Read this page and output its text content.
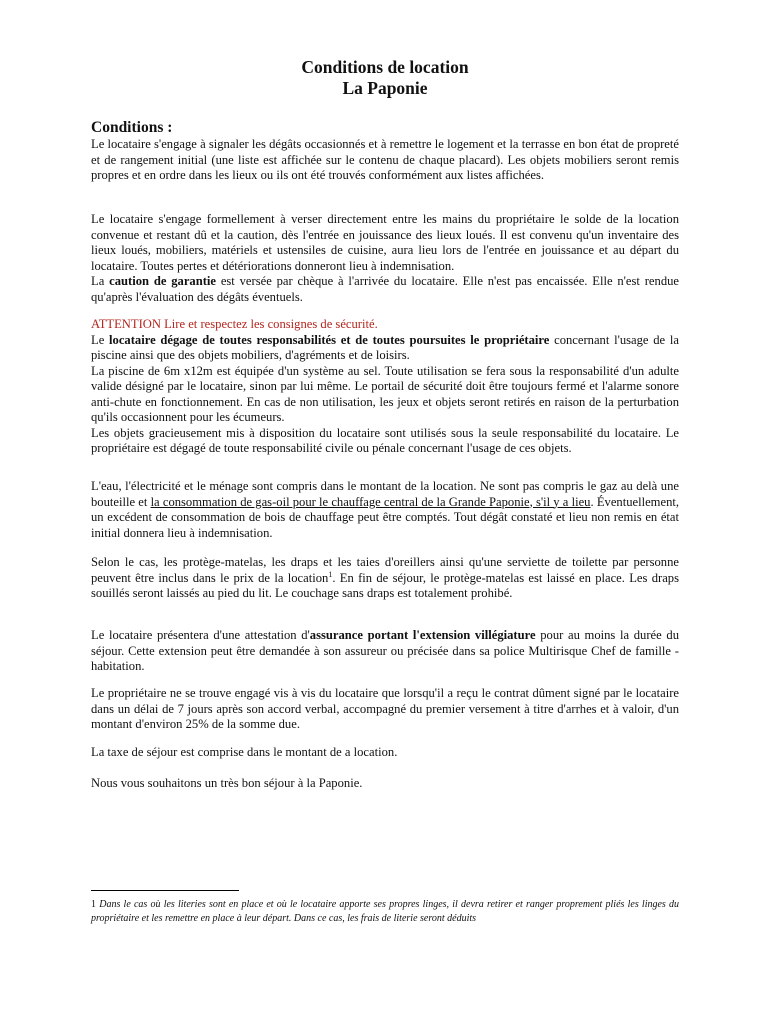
Conditions de location
La Paponie
Conditions :

Le locataire s'engage à signaler les dégâts occasionnés et à remettre le logement et la terrasse en bon état de propreté et de rangement initial (une liste est affichée sur le contenu de chaque placard). Les objets mobiliers seront remis propres et en ordre dans les lieux ou ils ont été trouvés conformément aux listes affichées.

Le locataire s'engage formellement à verser directement entre les mains du propriétaire le solde de la location convenue et restant dû et la caution, dès l'entrée en jouissance des lieux loués. Il est convenu qu'un inventaire des lieux loués, mobiliers, matériels et ustensiles de cuisine, aura lieu lors de l'entrée en jouissance et au départ du locataire. Toutes pertes et détériorations donneront lieu à indemnisation.
La caution de garantie est versée par chèque à l'arrivée du locataire. Elle n'est pas encaissée. Elle n'est rendue qu'après l'évaluation des dégâts éventuels.

ATTENTION Lire et respectez les consignes de sécurité.
Le locataire dégage de toutes responsabilités et de toutes poursuites le propriétaire concernant l'usage de la piscine ainsi que des objets mobiliers, d'agréments et de loisirs.
La piscine de 6m x12m est équipée d'un système au sel. Toute utilisation se fera sous la responsabilité d'un adulte valide désigné par le locataire, sinon par lui même. Le portail de sécurité doit être toujours fermé et l'alarme sonore anti-chute en fonctionnement. En cas de non utilisation, les jeux et objets seront retirés en raison de la perturbation qu'ils occasionnent pour les écumeurs.
Les objets gracieusement mis à disposition du locataire sont utilisés sous la seule responsabilité du locataire. Le propriétaire est dégagé de toute responsabilité civile ou pénale concernant l'usage de ces objets.

L'eau, l'électricité et le ménage sont compris dans le montant de la location. Ne sont pas compris le gaz au delà une bouteille et la consommation de gas-oil pour le chauffage central de la Grande Paponie, s'il y a lieu. Éventuellement, un excédent de consommation de bois de chauffage peut être comptés. Tout dégât constaté et lieu non remis en état initial donnera lieu à indemnisation.

Selon le cas, les protège-matelas, les draps et les taies d'oreillers ainsi qu'une serviette de toilette par personne peuvent être inclus dans le prix de la location$^1$. En fin de séjour, le protège-matelas est laissé en place. Les draps souillés seront laissés au pied du lit. Le couchage sans draps est totalement prohibé.

Le locataire présentera d'une attestation d'assurance portant l'extension villégiature pour au moins la durée du séjour. Cette extension peut être demandée à son assureur ou précisée dans sa police Multirisque Chef de famille - habitation.

Le propriétaire ne se trouve engagé vis à vis du locataire que lorsqu'il a reçu le contrat dûment signé par le locataire dans un délai de 7 jours après son accord verbal, accompagné du premier versement à titre d'arrhes et à valoir, d'un montant d'environ 25% de la somme due.

La taxe de séjour est comprise dans le montant de a location.

Nous vous souhaitons un très bon séjour à la Paponie.

1 Dans le cas où les literies sont en place et où le locataire apporte ses propres linges, il devra retirer et ranger proprement pliés les linges du propriétaire et les remettre en place à leur départ. Dans ce cas, les frais de literie seront déduits
